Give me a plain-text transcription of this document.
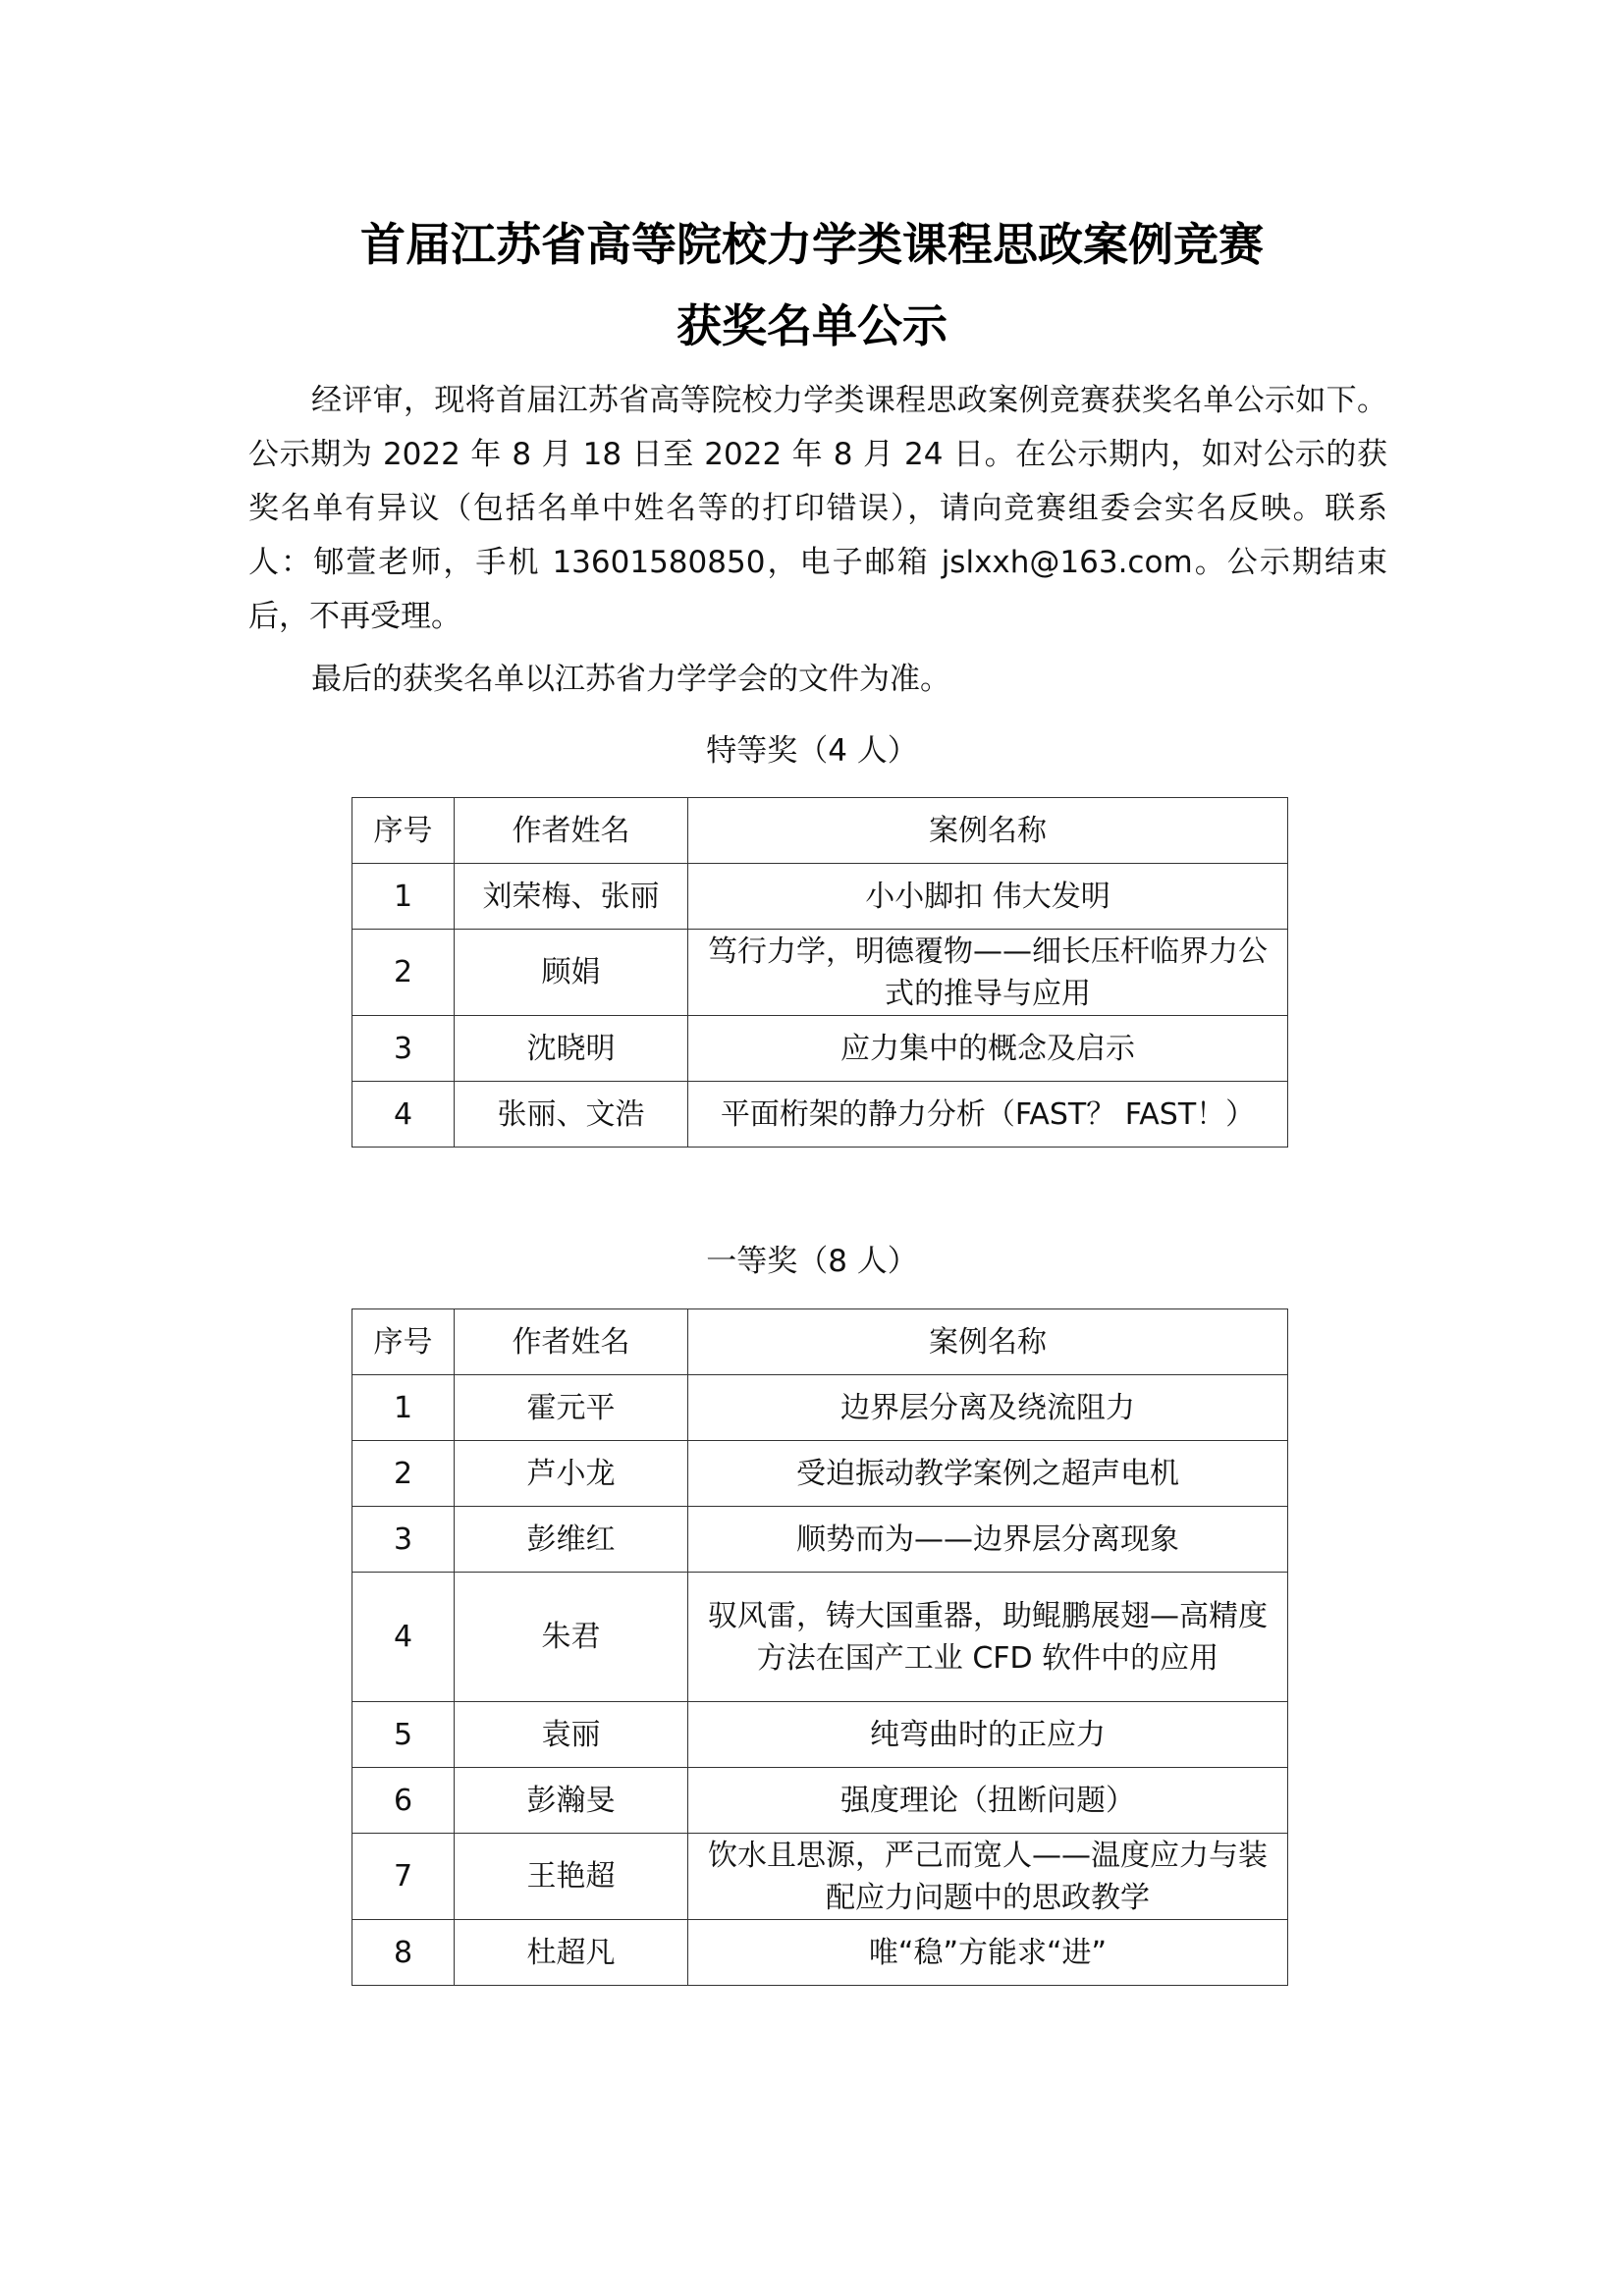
首届江苏省高等院校力学类课程思政案例竞赛
获奖名单公示

经评审，现将首届江苏省高等院校力学类课程思政案例竞赛获奖名单公示如下。公示期为 2022 年 8 月 18 日至 2022 年 8 月 24 日。在公示期内，如对公示的获奖名单有异议（包括名单中姓名等的打印错误），请向竞赛组委会实名反映。联系人：郇萱老师，手机 13601580850，电子邮箱 jslxxh@163.com。公示期结束后，不再受理。

最后的获奖名单以江苏省力学学会的文件为准。

特等奖（4 人）

序号	作者姓名	案例名称
1	刘荣梅、张丽	小小脚扣 伟大发明
2	顾娟	笃行力学，明德覆物——细长压杆临界力公式的推导与应用
3	沈晓明	应力集中的概念及启示
4	张丽、文浩	平面桁架的静力分析（FAST？ FAST！）

一等奖（8 人）

序号	作者姓名	案例名称
1	霍元平	边界层分离及绕流阻力
2	芦小龙	受迫振动教学案例之超声电机
3	彭维红	顺势而为——边界层分离现象
4	朱君	驭风雷，铸大国重器，助鲲鹏展翅—高精度方法在国产工业 CFD 软件中的应用
5	袁丽	纯弯曲时的正应力
6	彭瀚旻	强度理论（扭断问题）
7	王艳超	饮水且思源，严己而宽人——温度应力与装配应力问题中的思政教学
8	杜超凡	唯“稳”方能求“进”
